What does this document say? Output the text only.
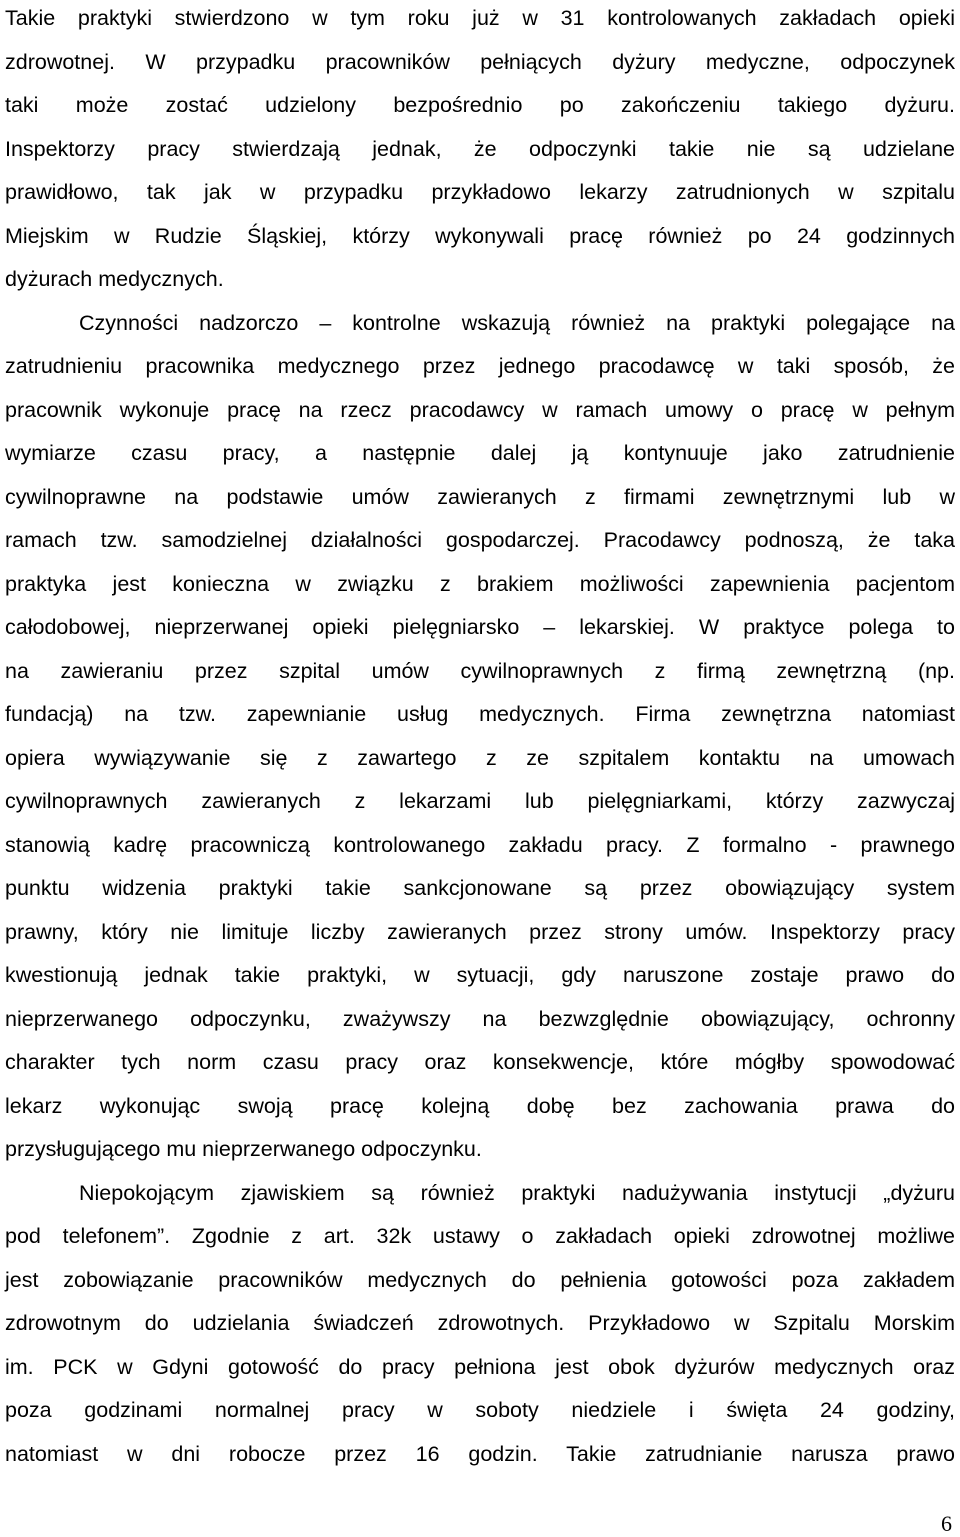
Takie praktyki stwierdzono w tym roku już w 31 kontrolowanych zakładach opieki
zdrowotnej. W przypadku pracowników pełniących dyżury medyczne, odpoczynek
taki może zostać udzielony bezpośrednio po zakończeniu takiego dyżuru.
Inspektorzy pracy stwierdzają jednak, że odpoczynki takie nie są udzielane
prawidłowo, tak jak w przypadku przykładowo lekarzy zatrudnionych w szpitalu
Miejskim w Rudzie Śląskiej, którzy wykonywali pracę również po 24 godzinnych
dyżurach medycznych.
Czynności nadzorczo – kontrolne wskazują również na praktyki polegające na
zatrudnieniu pracownika medycznego przez jednego pracodawcę w taki sposób, że
pracownik wykonuje pracę na rzecz pracodawcy w ramach umowy o pracę w pełnym
wymiarze czasu pracy, a następnie dalej ją kontynuuje jako zatrudnienie
cywilnoprawne na podstawie umów zawieranych z firmami zewnętrznymi lub w
ramach tzw. samodzielnej działalności gospodarczej. Pracodawcy podnoszą, że taka
praktyka jest konieczna w związku z brakiem możliwości zapewnienia pacjentom
całodobowej, nieprzerwanej opieki pielęgniarsko – lekarskiej. W praktyce polega to
na zawieraniu przez szpital umów cywilnoprawnych z firmą zewnętrzną (np.
fundacją) na tzw. zapewnianie usług medycznych. Firma zewnętrzna natomiast
opiera wywiązywanie się z zawartego z ze szpitalem kontaktu na umowach
cywilnoprawnych zawieranych z lekarzami lub pielęgniarkami, którzy zazwyczaj
stanowią kadrę pracowniczą kontrolowanego zakładu pracy. Z formalno - prawnego
punktu widzenia praktyki takie sankcjonowane są przez obowiązujący system
prawny, który nie limituje liczby zawieranych przez strony umów. Inspektorzy pracy
kwestionują jednak takie praktyki, w sytuacji, gdy naruszone zostaje prawo do
nieprzerwanego odpoczynku, zważywszy na bezwzględnie obowiązujący, ochronny
charakter tych norm czasu pracy oraz konsekwencje, które mógłby spowodować
lekarz wykonując swoją pracę kolejną dobę bez zachowania prawa do
przysługującego mu nieprzerwanego odpoczynku.
Niepokojącym zjawiskiem są również praktyki nadużywania instytucji „dyżuru
pod telefonem”. Zgodnie z art. 32k ustawy o zakładach opieki zdrowotnej możliwe
jest zobowiązanie pracowników medycznych do pełnienia gotowości poza zakładem
zdrowotnym do udzielania świadczeń zdrowotnych. Przykładowo w Szpitalu Morskim
im. PCK w Gdyni gotowość do pracy pełniona jest obok dyżurów medycznych oraz
poza godzinami normalnej pracy w soboty niedziele i święta 24 godziny,
natomiast w dni robocze przez 16 godzin. Takie zatrudnianie narusza prawo
6
